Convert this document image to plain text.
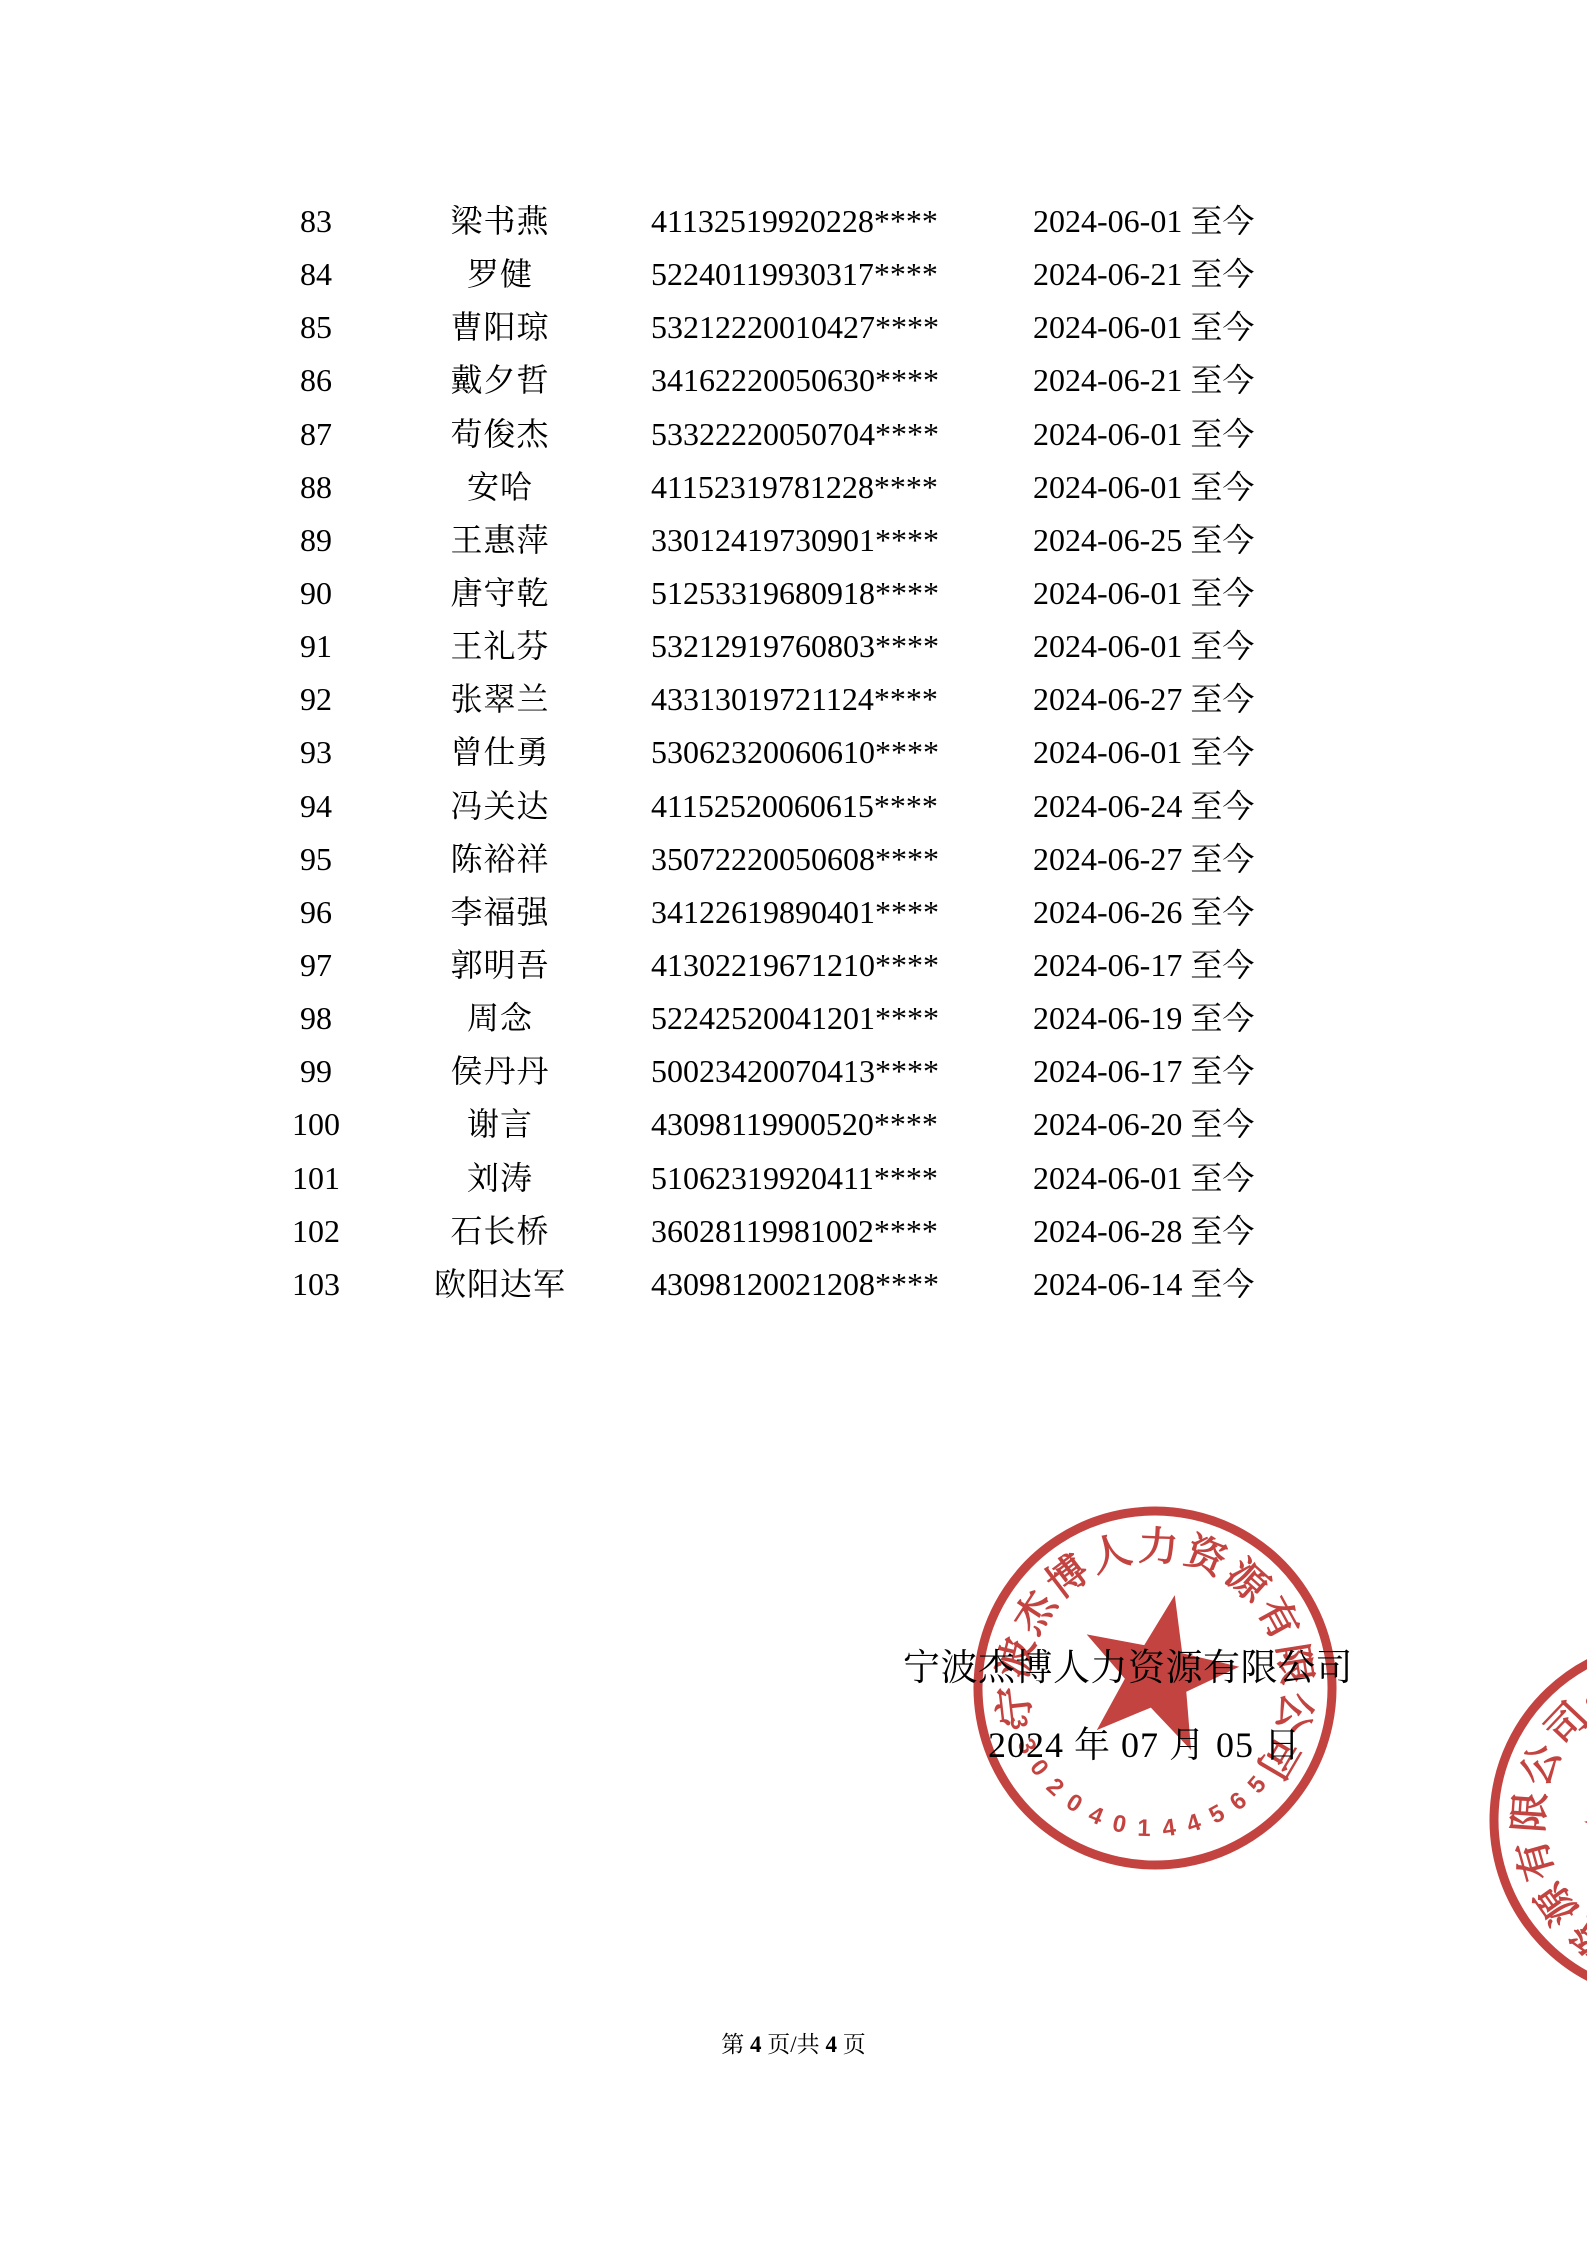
83	梁书燕	41132519920228****	2024-06-01 至今
84	罗健	52240119930317****	2024-06-21 至今
85	曹阳琼	53212220010427****	2024-06-01 至今
86	戴夕哲	34162220050630****	2024-06-21 至今
87	苟俊杰	53322220050704****	2024-06-01 至今
88	安哈	41152319781228****	2024-06-01 至今
89	王惠萍	33012419730901****	2024-06-25 至今
90	唐守乾	51253319680918****	2024-06-01 至今
91	王礼芬	53212919760803****	2024-06-01 至今
92	张翠兰	43313019721124****	2024-06-27 至今
93	曾仕勇	53062320060610****	2024-06-01 至今
94	冯关达	41152520060615****	2024-06-24 至今
95	陈裕祥	35072220050608****	2024-06-27 至今
96	李福强	34122619890401****	2024-06-26 至今
97	郭明吾	41302219671210****	2024-06-17 至今
98	周念	52242520041201****	2024-06-19 至今
99	侯丹丹	50023420070413****	2024-06-17 至今
100	谢言	43098119900520****	2024-06-20 至今
101	刘涛	51062319920411****	2024-06-01 至今
102	石长桥	36028119981002****	2024-06-28 至今
103	欧阳达军	43098120021208****	2024-06-14 至今
宁波杰博人力资源有限公司
2024 年 07 月 05 日
第 4 页/共 4 页
